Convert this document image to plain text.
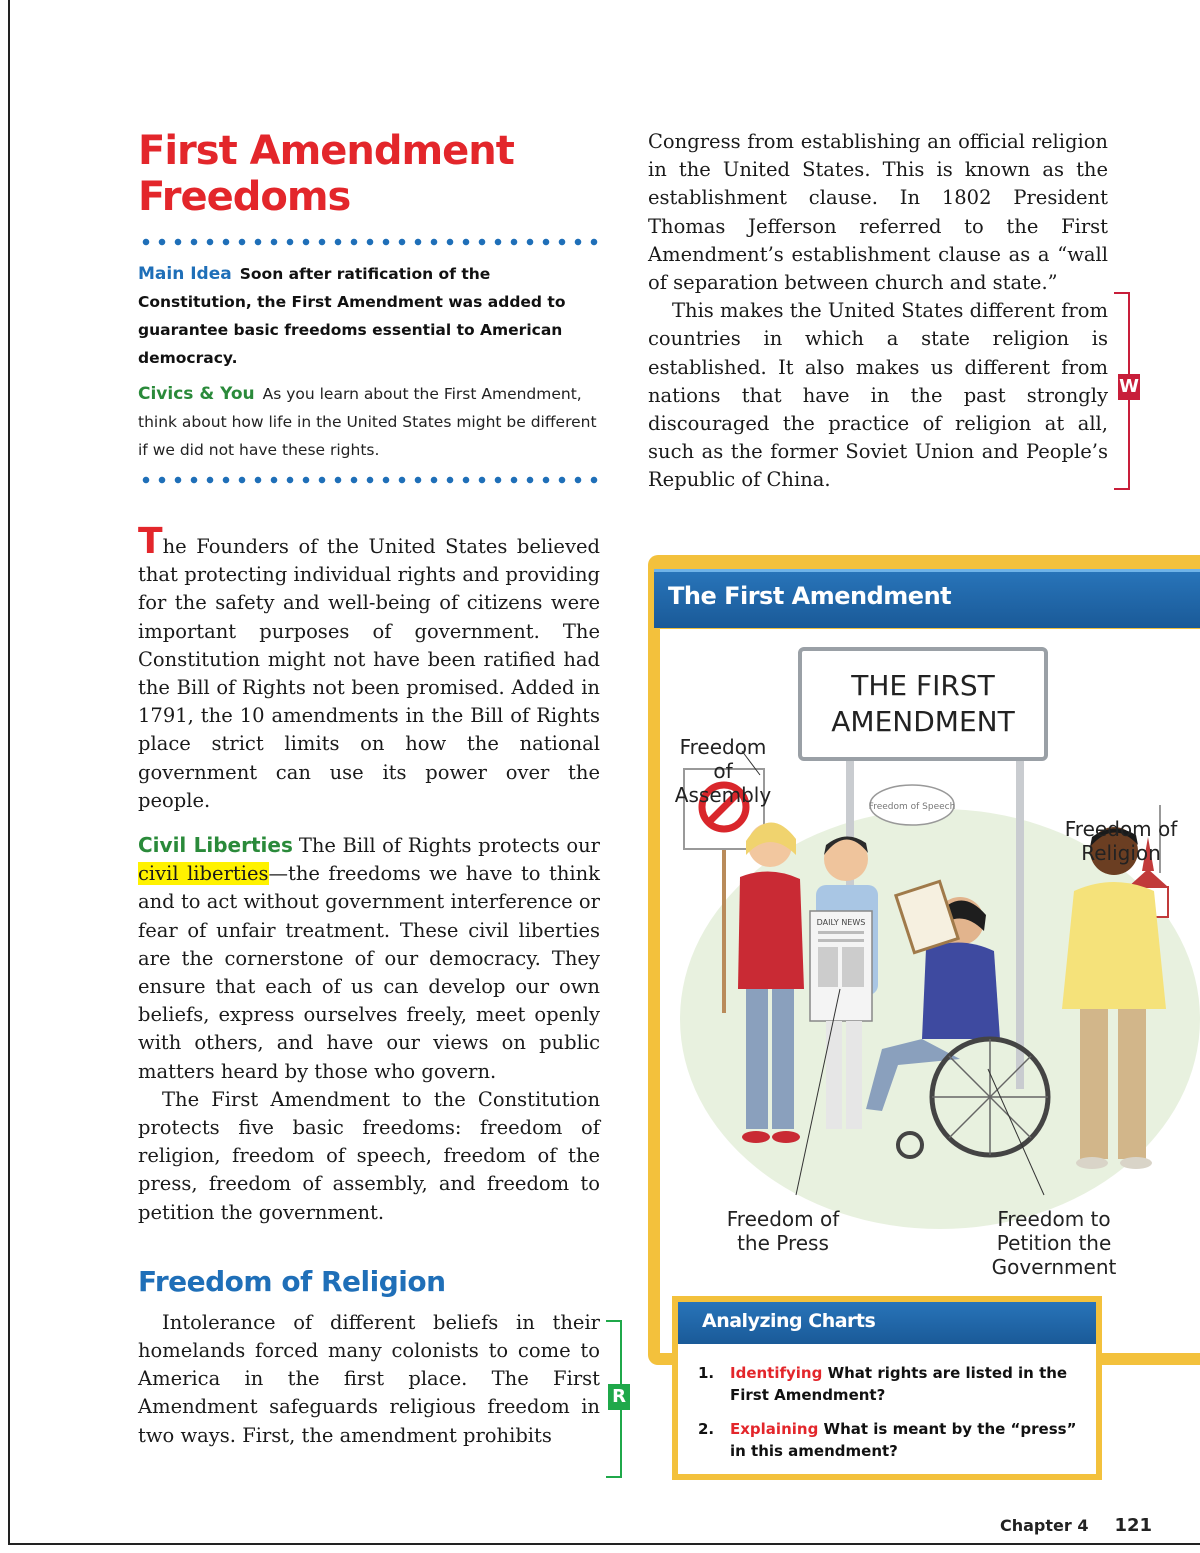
First Amendment
Freedoms

Main Idea Soon after ratification of the Constitution, the First Amendment was added to guarantee basic freedoms essential to American democracy.

Civics & You As you learn about the First Amendment, think about how life in the United States might be different if we did not have these rights.

The Founders of the United States believed that protecting individual rights and providing for the safety and well-being of citizens were important purposes of government. The Constitution might not have been ratified had the Bill of Rights not been promised. Added in 1791, the 10 amendments in the Bill of Rights place strict limits on how the national government can use its power over the people.

Civil Liberties The Bill of Rights protects our civil liberties—the freedoms we have to think and to act without government interference or fear of unfair treatment. These civil liberties are the cornerstone of our democracy. They ensure that each of us can develop our own beliefs, express ourselves freely, meet openly with others, and have our views on public matters heard by those who govern.

The First Amendment to the Constitution protects five basic freedoms: freedom of religion, freedom of speech, freedom of the press, freedom of assembly, and freedom to petition the government.

Freedom of Religion

Intolerance of different beliefs in their homelands forced many colonists to come to America in the first place. The First Amendment safeguards religious freedom in two ways. First, the amendment prohibits

R

Congress from establishing an official religion in the United States. This is known as the establishment clause. In 1802 President Thomas Jefferson referred to the First Amendment’s establishment clause as a “wall of separation between church and state.”

This makes the United States different from countries in which a state religion is established. It also makes us different from nations that have in the past strongly discouraged the practice of religion at all, such as the former Soviet Union and People’s Republic of China.

W
The First Amendment
THE FIRST
AMENDMENT
Freedom of Speech
DAILY NEWS
Freedom of Assembly
Freedom of Religion
Freedom of the Press
Freedom to Petition the Government
Analyzing Charts
1. Identifying What rights are listed in the First Amendment?
2. Explaining What is meant by the “press” in this amendment?
Chapter 4 121
